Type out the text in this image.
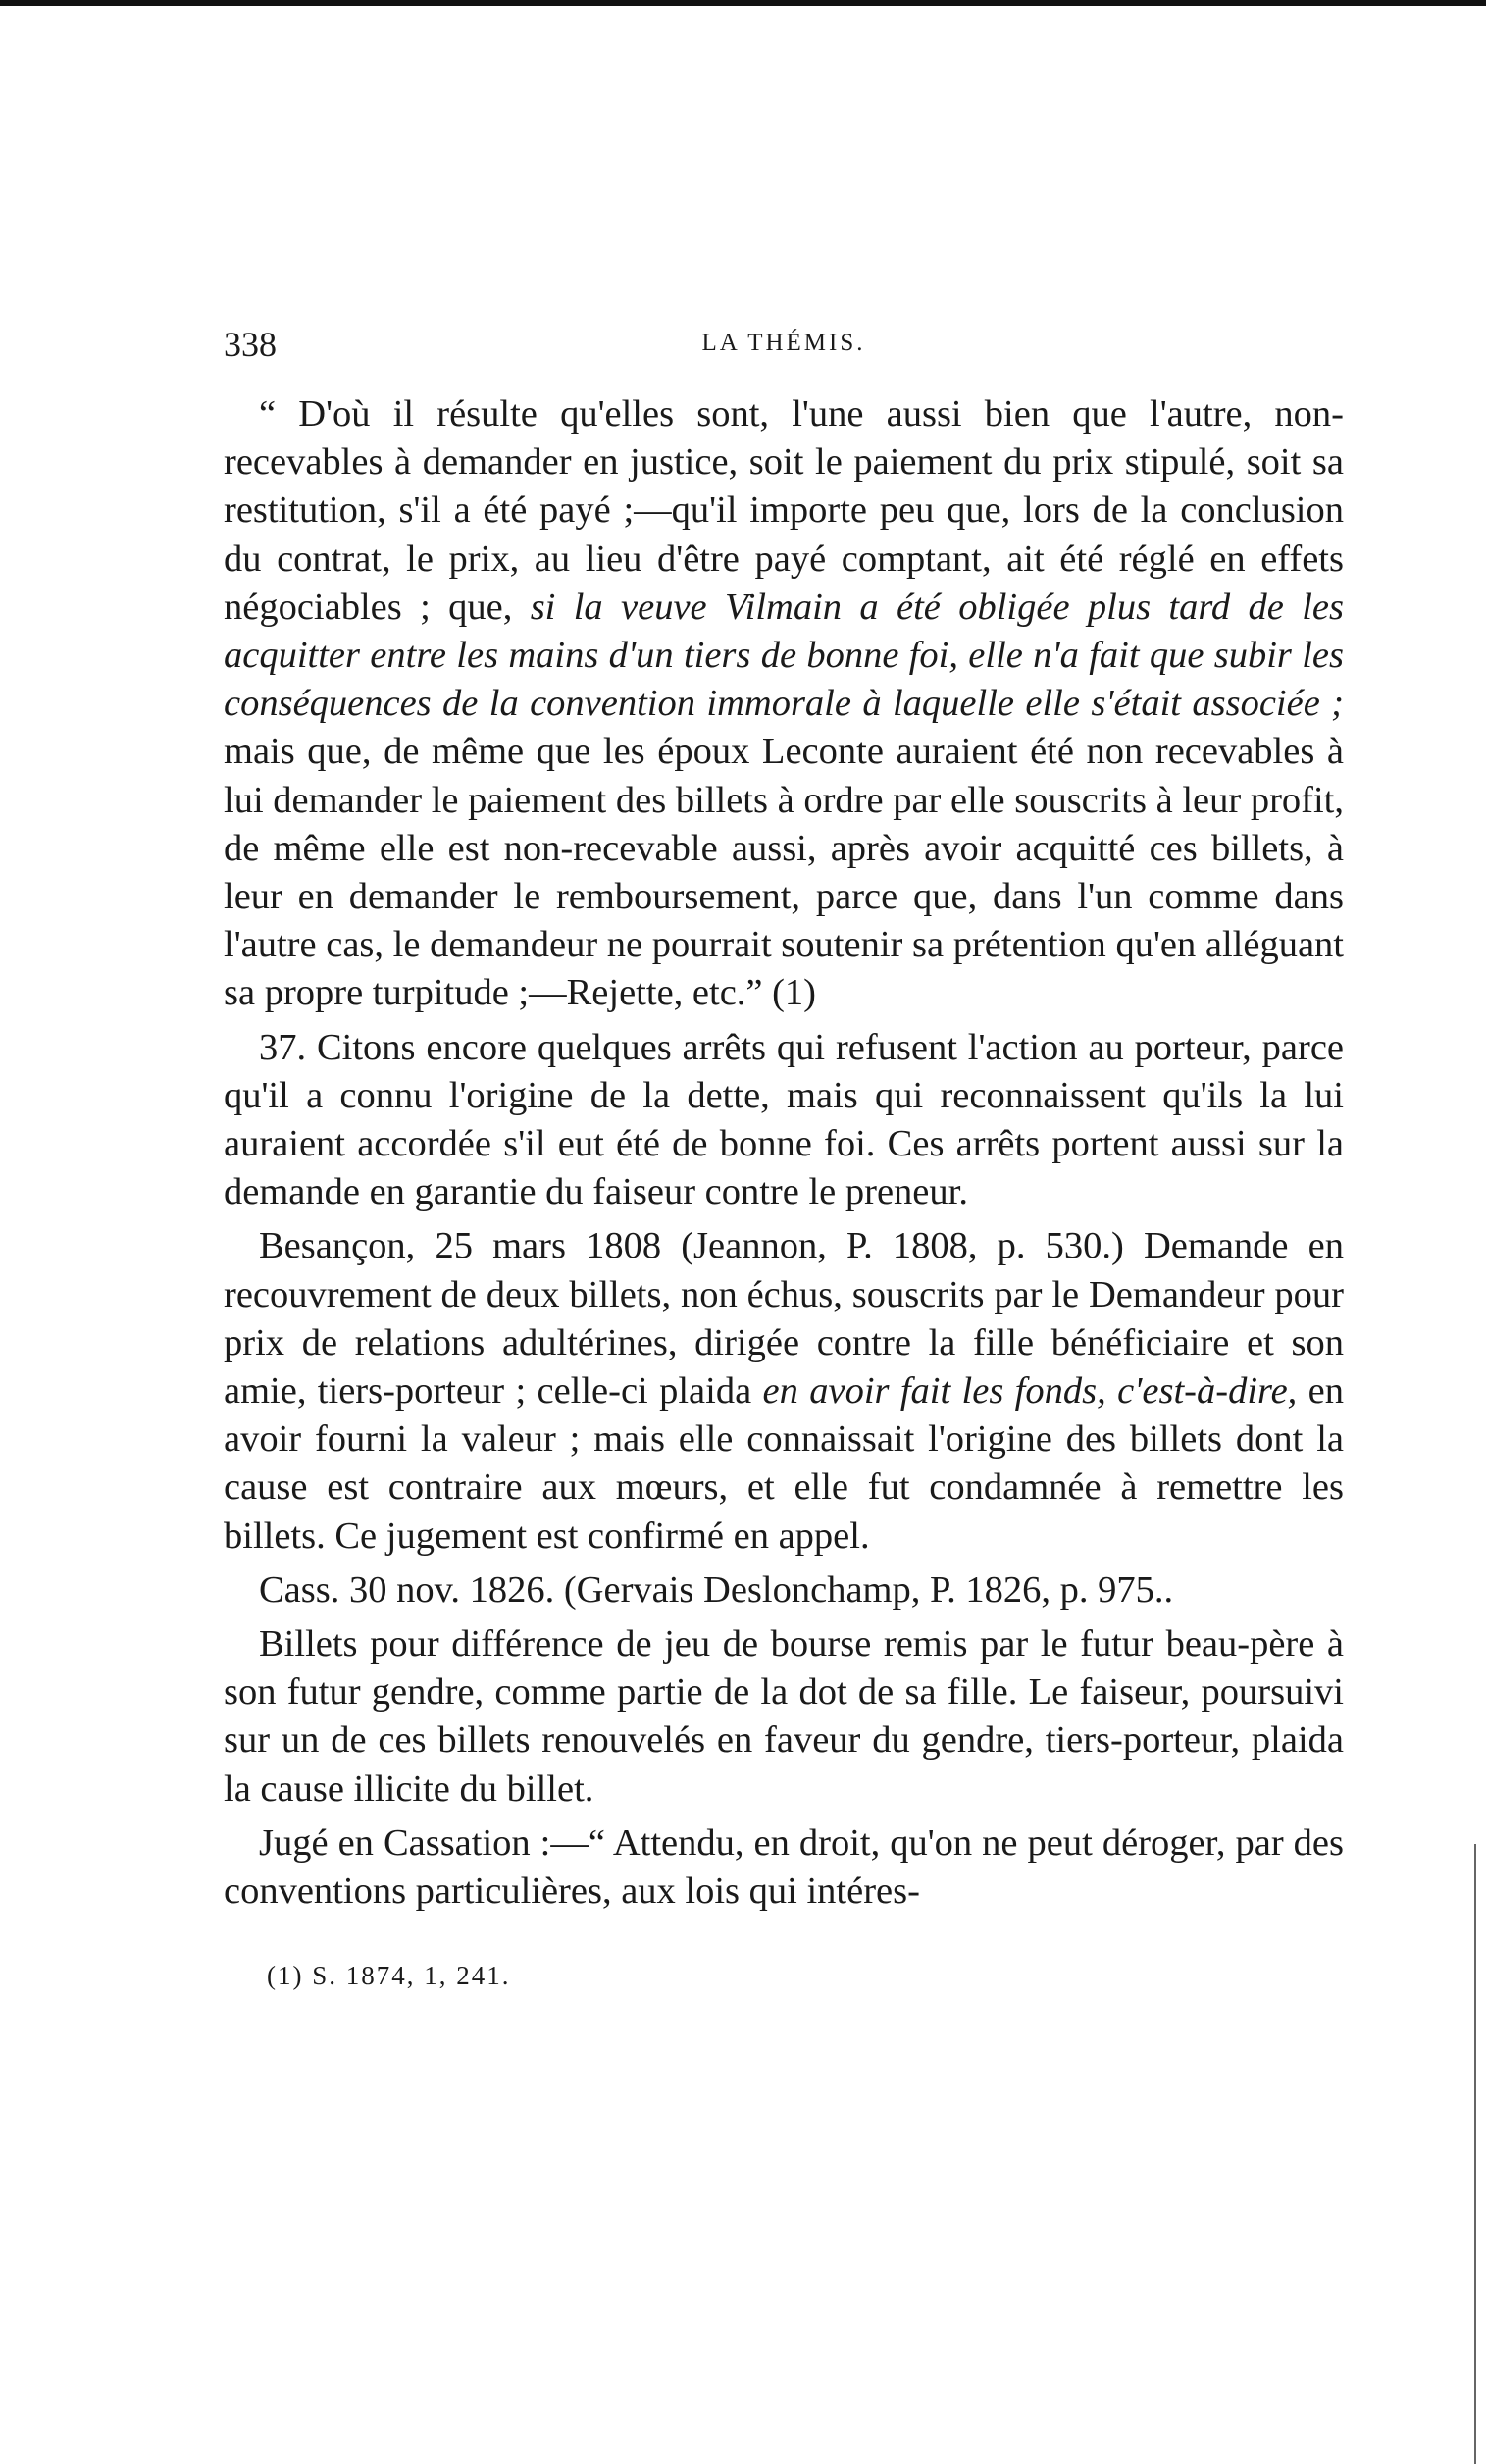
338	LA THÉMIS.

“ D'où il résulte qu'elles sont, l'une aussi bien que l'autre, non-recevables à demander en justice, soit le paiement du prix stipulé, soit sa restitution, s'il a été payé ;—qu'il importe peu que, lors de la conclusion du contrat, le prix, au lieu d'être payé comptant, ait été réglé en effets négociables ; que, si la veuve Vilmain a été obligée plus tard de les acquitter entre les mains d'un tiers de bonne foi, elle n'a fait que subir les conséquences de la convention immorale à laquelle elle s'était associée ; mais que, de même que les époux Leconte auraient été non recevables à lui demander le paiement des billets à ordre par elle souscrits à leur profit, de même elle est non-recevable aussi, après avoir acquitté ces billets, à leur en demander le remboursement, parce que, dans l'un comme dans l'autre cas, le demandeur ne pourrait soutenir sa prétention qu'en alléguant sa propre turpitude ;—Rejette, etc.” (1)

37. Citons encore quelques arrêts qui refusent l'action au porteur, parce qu'il a connu l'origine de la dette, mais qui reconnaissent qu'ils la lui auraient accordée s'il eut été de bonne foi. Ces arrêts portent aussi sur la demande en garantie du faiseur contre le preneur.

Besançon, 25 mars 1808 (Jeannon, P. 1808, p. 530.) Demande en recouvrement de deux billets, non échus, souscrits par le Demandeur pour prix de relations adultérines, dirigée contre la fille bénéficiaire et son amie, tiers-porteur ; celle-ci plaida en avoir fait les fonds, c'est-à-dire, en avoir fourni la valeur ; mais elle connaissait l'origine des billets dont la cause est contraire aux mœurs, et elle fut condamnée à remettre les billets. Ce jugement est confirmé en appel.

Cass. 30 nov. 1826. (Gervais Deslonchamp, P. 1826, p. 975..

Billets pour différence de jeu de bourse remis par le futur beau-père à son futur gendre, comme partie de la dot de sa fille. Le faiseur, poursuivi sur un de ces billets renouvelés en faveur du gendre, tiers-porteur, plaida la cause illicite du billet.

Jugé en Cassation :—“ Attendu, en droit, qu'on ne peut déroger, par des conventions particulières, aux lois qui intéres-

(1) S. 1874, 1, 241.
